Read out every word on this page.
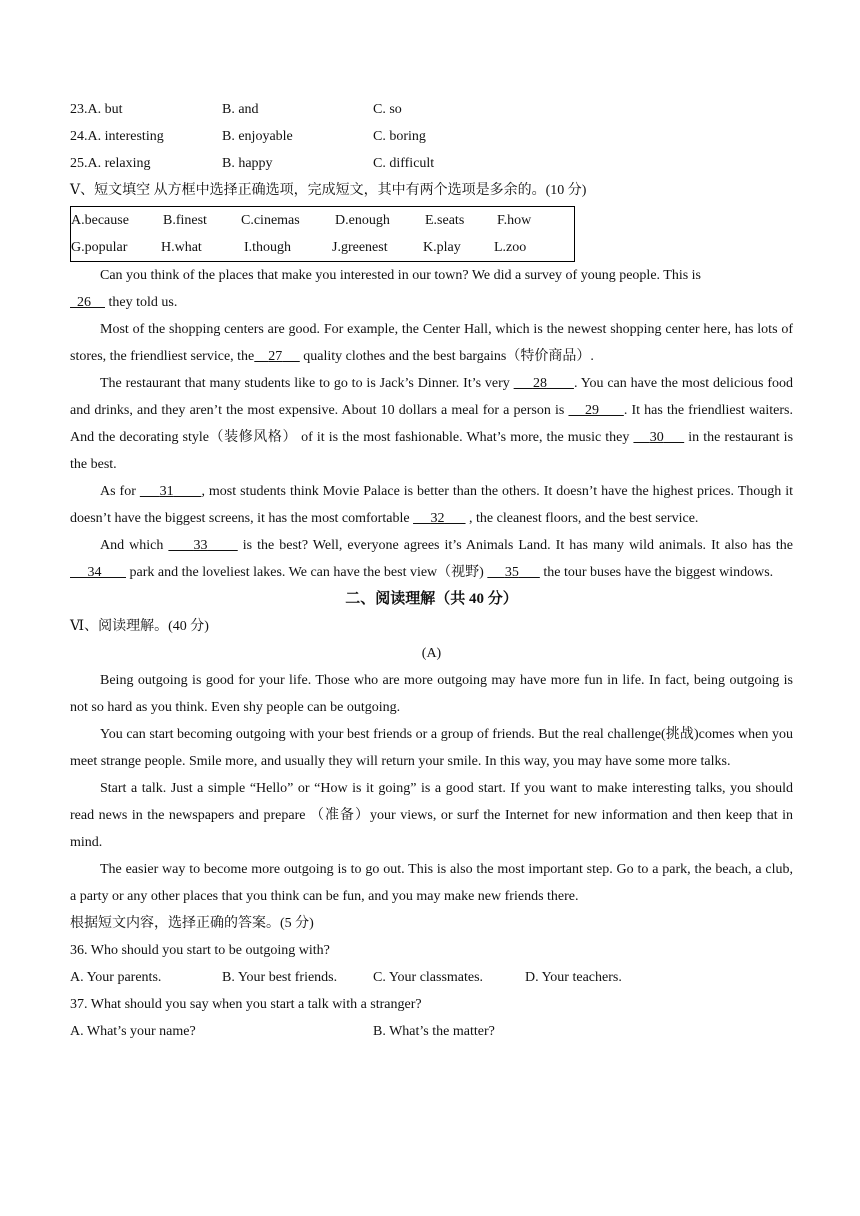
23.A. but	B. and	C. so
24.A. interesting	B. enjoyable	C. boring
25.A. relaxing	B. happy	C. difficult
Ⅴ、短文填空 从方框中选择正确选项，完成短文，其中有两个选项是多余的。(10 分)
A.because B.finest C.cinemas	D.enough	E.seats F.how
G.popular H.what	I.though	J.greenest	K.play L.zoo

Can you think of the places that make you interested in our town? We did a survey of young people. This is
26     they told us.

Most of the shopping centers are good. For example, the Center Hall, which is the newest shopping center here, has lots of stores, the friendliest service, the 27      quality clothes and the best bargains（特价商品）.

The restaurant that many students like to go to is Jack’s Dinner. It’s very      28 . You can have the most delicious food and drinks, and they aren’t the most expensive. About 10 dollars a meal for a person is     29 . It has the friendliest waiters. And the decorating style（装修风格） of it is the most fashionable. What’s more, the music they     30      in the restaurant is the best.

As for      31 , most students think Movie Palace is better than the others. It doesn’t have the highest prices. Though it doesn’t have the biggest screens, it has the most comfortable      32       , the cleanest floors, and the best service.

And which      33       is the best? Well, everyone agrees it’s Animals Land. It has many wild animals. It also has the      34        park and the loveliest lakes. We can have the best view（视野)      35       the tour buses have the biggest windows.

二、阅读理解（共 40 分）
Ⅵ、阅读理解。(40 分)
(A)

Being outgoing is good for your life. Those who are more outgoing may have more fun in life. In fact, being outgoing is not so hard as you think. Even shy people can be outgoing.

You can start becoming outgoing with your best friends or a group of friends. But the real challenge(挑战)comes when you meet strange people. Smile more, and usually they will return your smile. In this way, you may have some more talks.

Start a talk. Just a simple “Hello” or “How is it going” is a good start. If you want to make interesting talks, you should read news in the newspapers and prepare （准备）your views, or surf the Internet for new information and then keep that in mind.

The easier way to become more outgoing is to go out. This is also the most important step. Go to a park, the beach, a club, a party or any other places that you think can be fun, and you may make new friends there.

根据短文内容，选择正确的答案。(5 分)
36. Who should you start to be outgoing with?
A. Your parents.	B. Your best friends.	C. Your classmates.	D. Your teachers.
37. What should you say when you start a talk with a stranger?
A. What’s your name?	B. What’s the matter?
